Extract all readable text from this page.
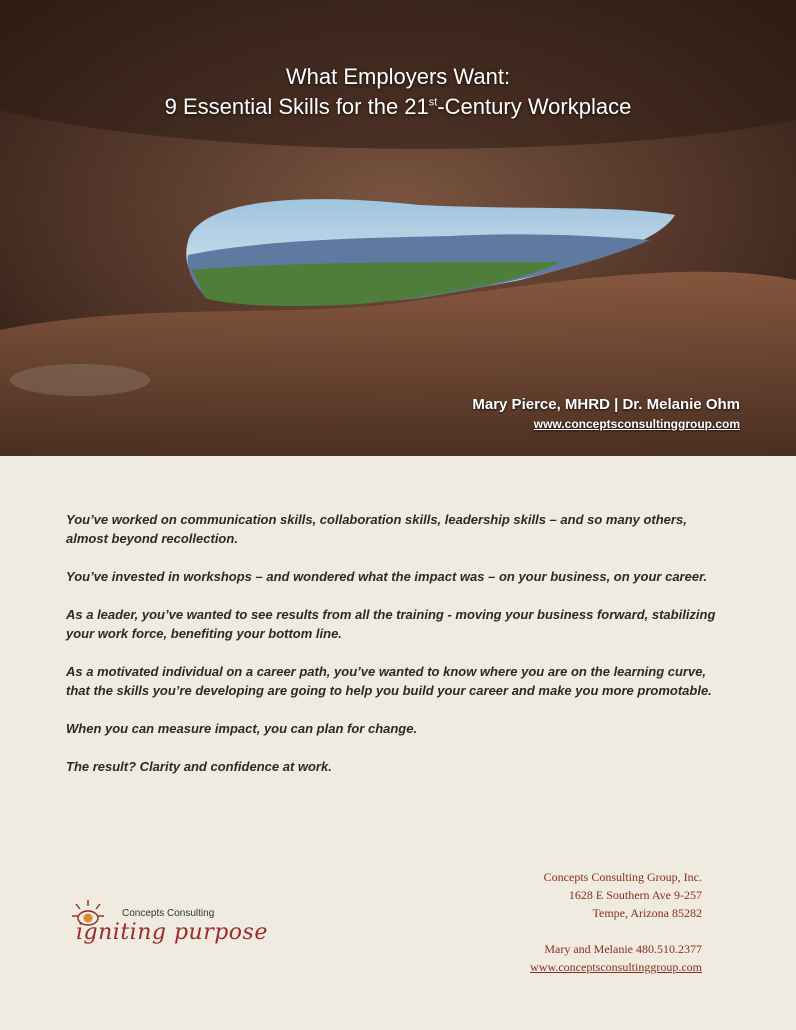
What Employers Want:
9 Essential Skills for the 21st-Century Workplace
Mary Pierce, MHRD | Dr. Melanie Ohm
www.conceptsconsultinggroup.com

You’ve worked on communication skills, collaboration skills, leadership skills – and so many others, almost beyond recollection.

You’ve invested in workshops – and wondered what the impact was – on your business, on your career.

As a leader, you’ve wanted to see results from all the training - moving your business forward, stabilizing your work force, benefiting your bottom line.

As a motivated individual on a career path, you’ve wanted to know where you are on the learning curve, that the skills you’re developing are going to help you build your career and make you more promotable.

When you can measure impact, you can plan for change.

The result? Clarity and confidence at work.

Concepts Consulting
igniting purpose
Concepts Consulting Group, Inc.
1628 E Southern Ave 9-257
Tempe, Arizona 85282
Mary and Melanie 480.510.2377
www.conceptsconsultinggroup.com
